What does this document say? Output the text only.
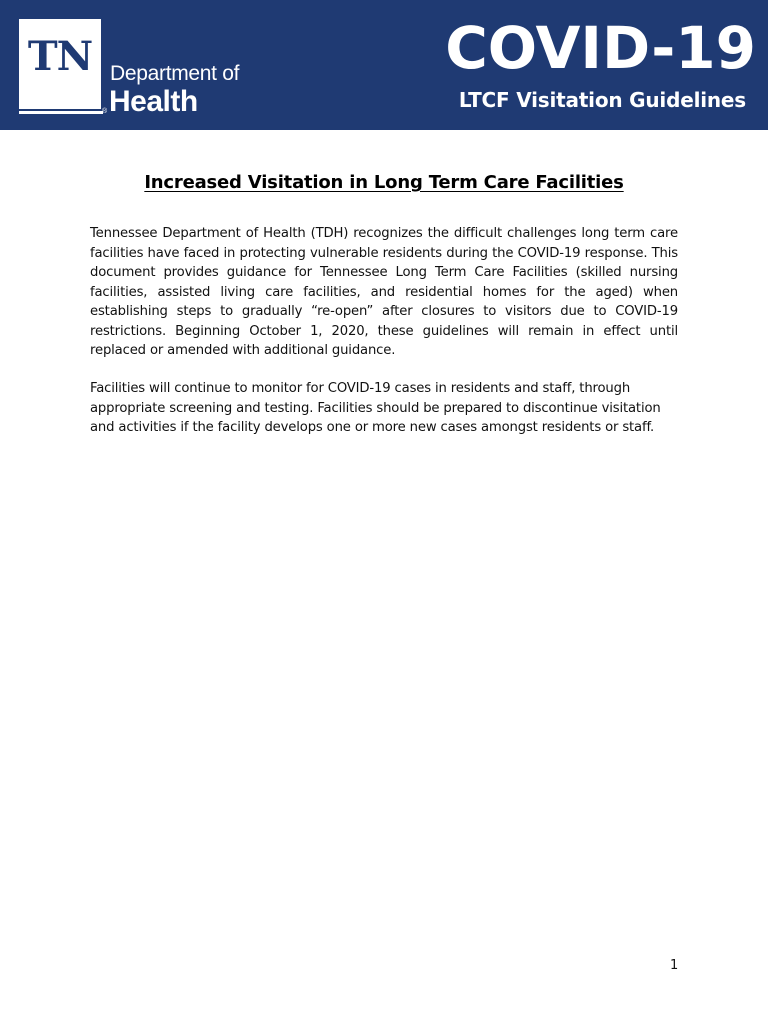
TN
®
Department of
Health
COVID-19
LTCF Visitation Guidelines
Increased Visitation in Long Term Care Facilities

Tennessee Department of Health (TDH) recognizes the difficult challenges long term care facilities have faced in protecting vulnerable residents during the COVID-19 response. This document provides guidance for Tennessee Long Term Care Facilities (skilled nursing facilities, assisted living care facilities, and residential homes for the aged) when establishing steps to gradually “re-open” after closures to visitors due to COVID-19 restrictions. Beginning October 1, 2020, these guidelines will remain in effect until replaced or amended with additional guidance.

Facilities will continue to monitor for COVID-19 cases in residents and staff, through appropriate screening and testing. Facilities should be prepared to discontinue visitation and activities if the facility develops one or more new cases amongst residents or staff.

1
